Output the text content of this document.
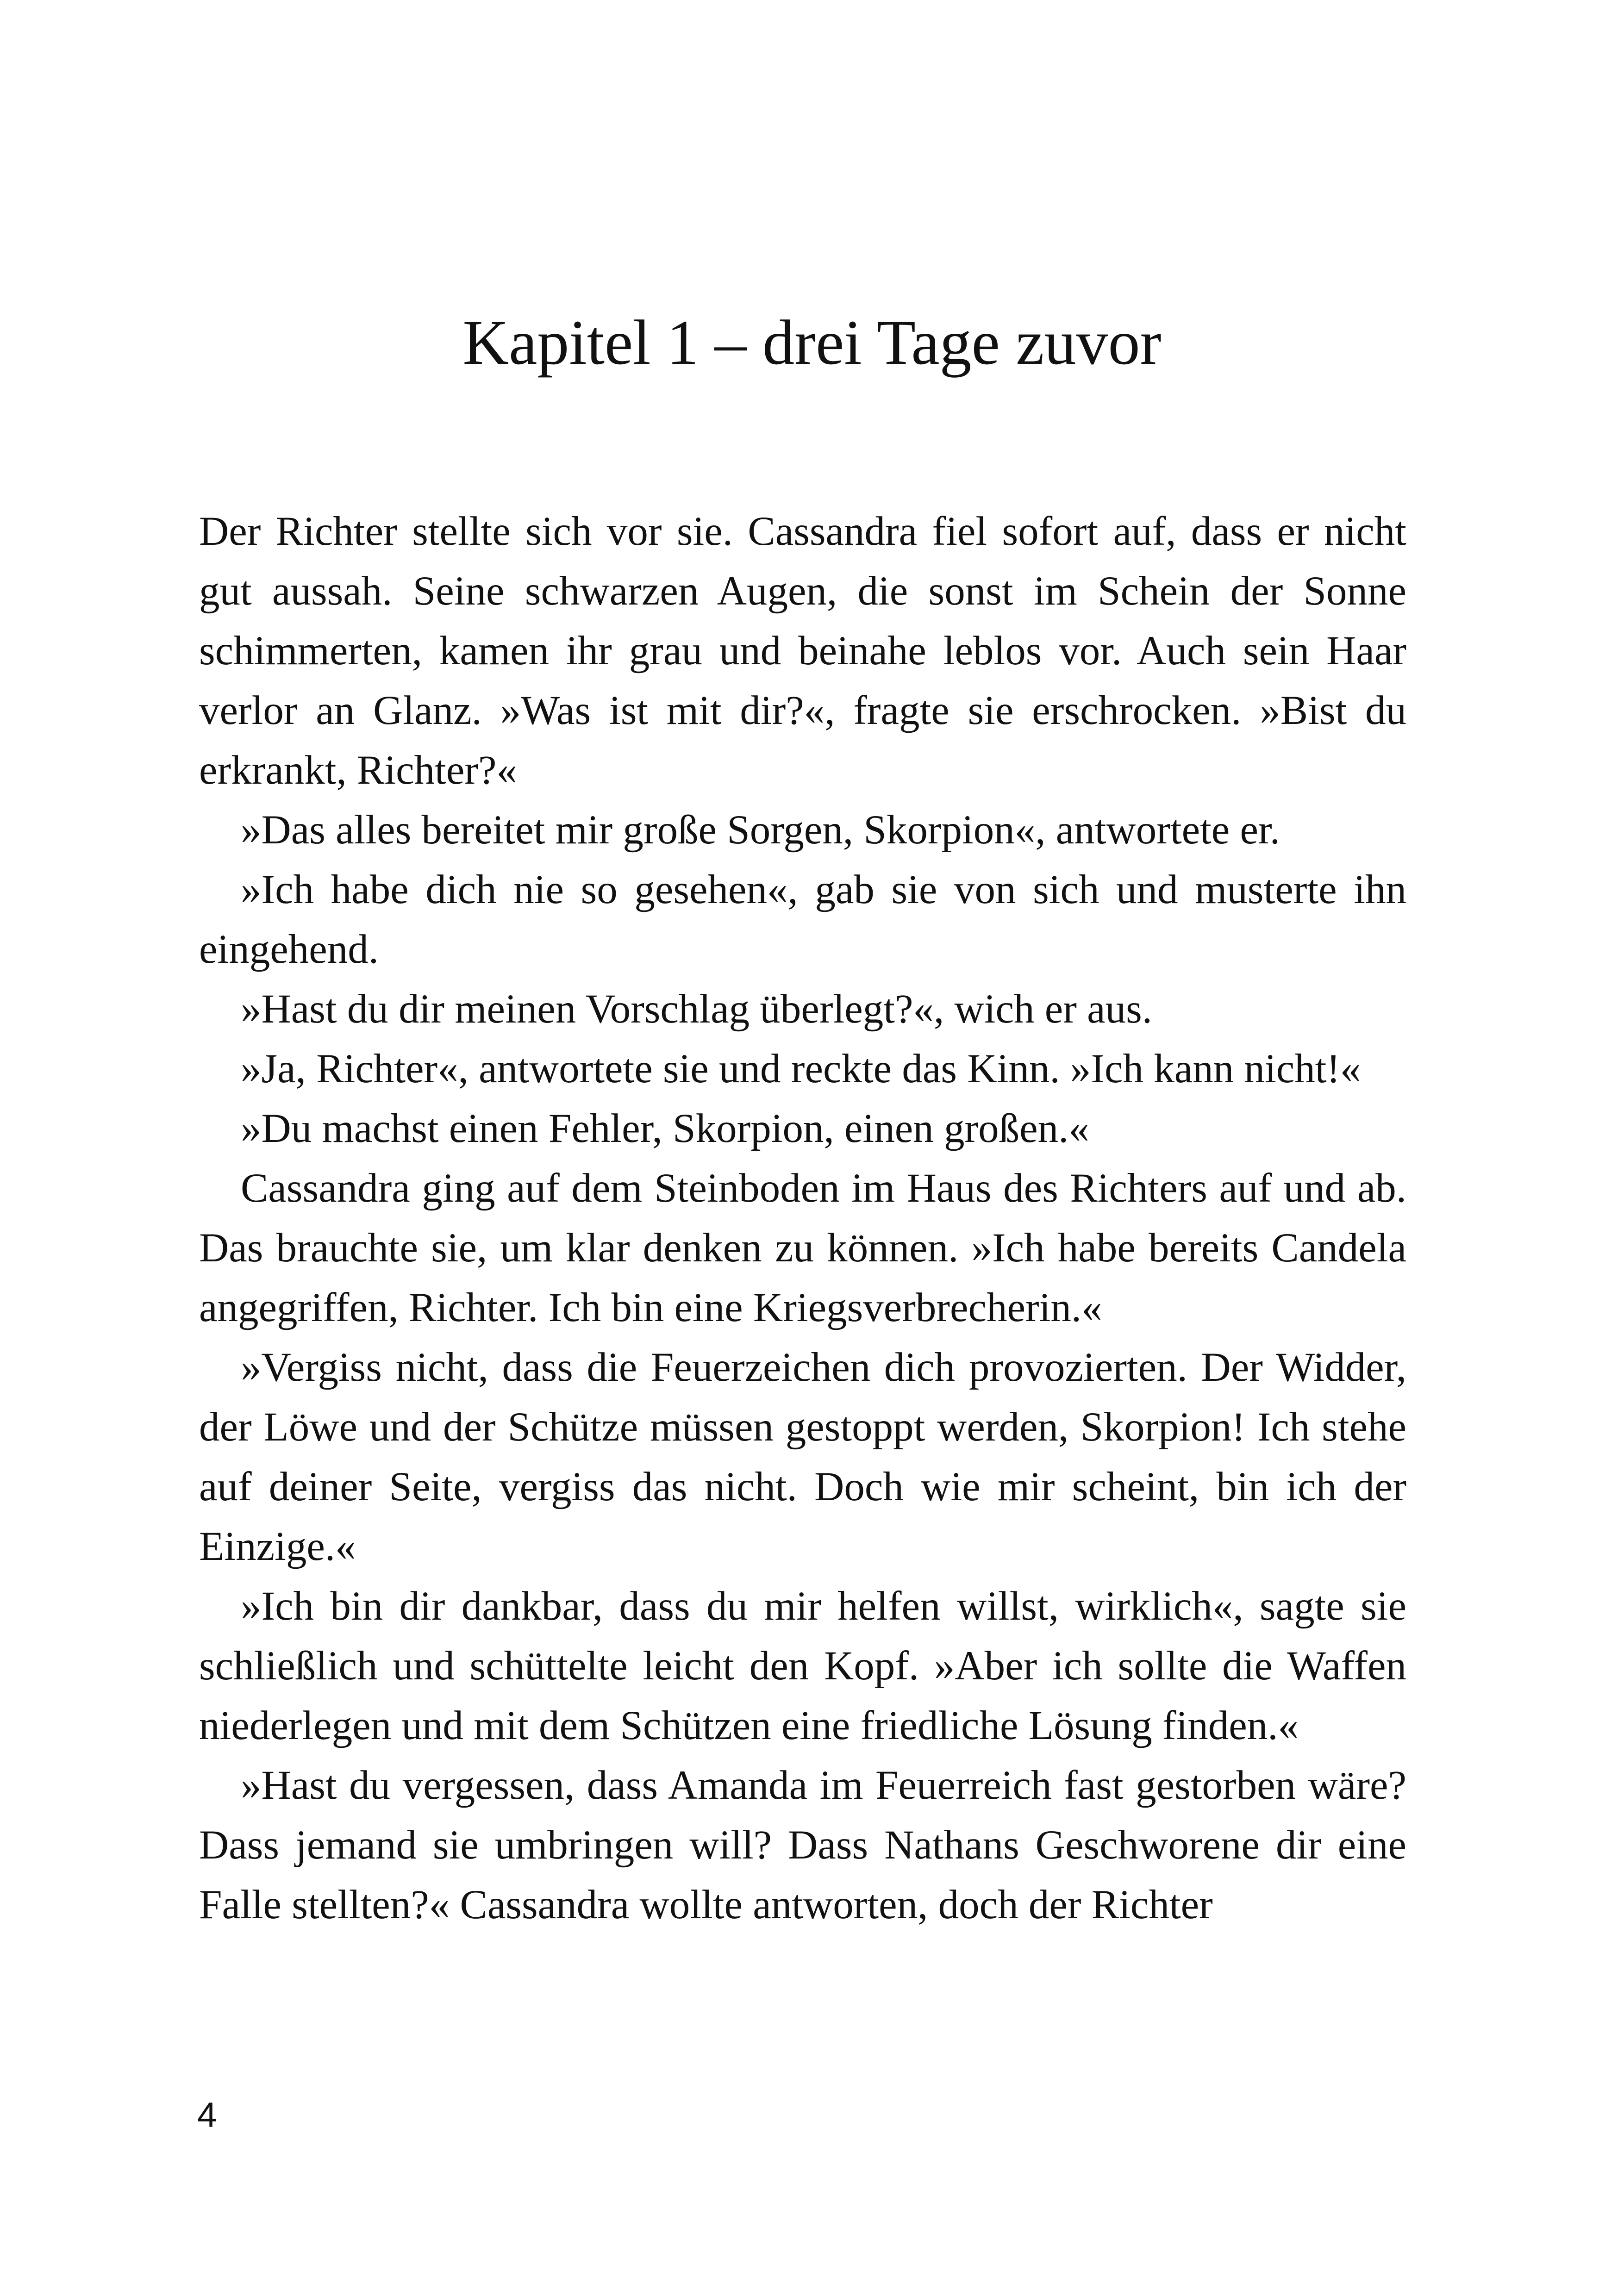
Kapitel 1 – drei Tage zuvor

Der Richter stellte sich vor sie. Cassandra fiel sofort auf, dass er nicht gut aussah. Seine schwarzen Augen, die sonst im Schein der Sonne schimmerten, kamen ihr grau und beinahe leblos vor. Auch sein Haar verlor an Glanz. »Was ist mit dir?«, fragte sie erschrocken. »Bist du erkrankt, Richter?«

»Das alles bereitet mir große Sorgen, Skorpion«, antwortete er.

»Ich habe dich nie so gesehen«, gab sie von sich und musterte ihn eingehend.

»Hast du dir meinen Vorschlag überlegt?«, wich er aus.

»Ja, Richter«, antwortete sie und reckte das Kinn. »Ich kann nicht!«

»Du machst einen Fehler, Skorpion, einen großen.«

Cassandra ging auf dem Steinboden im Haus des Richters auf und ab. Das brauchte sie, um klar denken zu können. »Ich habe bereits Candela angegriffen, Richter. Ich bin eine Kriegsverbrecherin.«

»Vergiss nicht, dass die Feuerzeichen dich provozierten. Der Widder, der Löwe und der Schütze müssen gestoppt werden, Skorpion! Ich stehe auf deiner Seite, vergiss das nicht. Doch wie mir scheint, bin ich der Einzige.«

»Ich bin dir dankbar, dass du mir helfen willst, wirklich«, sagte sie schließlich und schüttelte leicht den Kopf. »Aber ich sollte die Waffen niederlegen und mit dem Schützen eine friedliche Lösung finden.«

»Hast du vergessen, dass Amanda im Feuerreich fast gestorben wäre? Dass jemand sie umbringen will? Dass Nathans Geschworene dir eine Falle stellten?« Cassandra wollte antworten, doch der Richter

4
